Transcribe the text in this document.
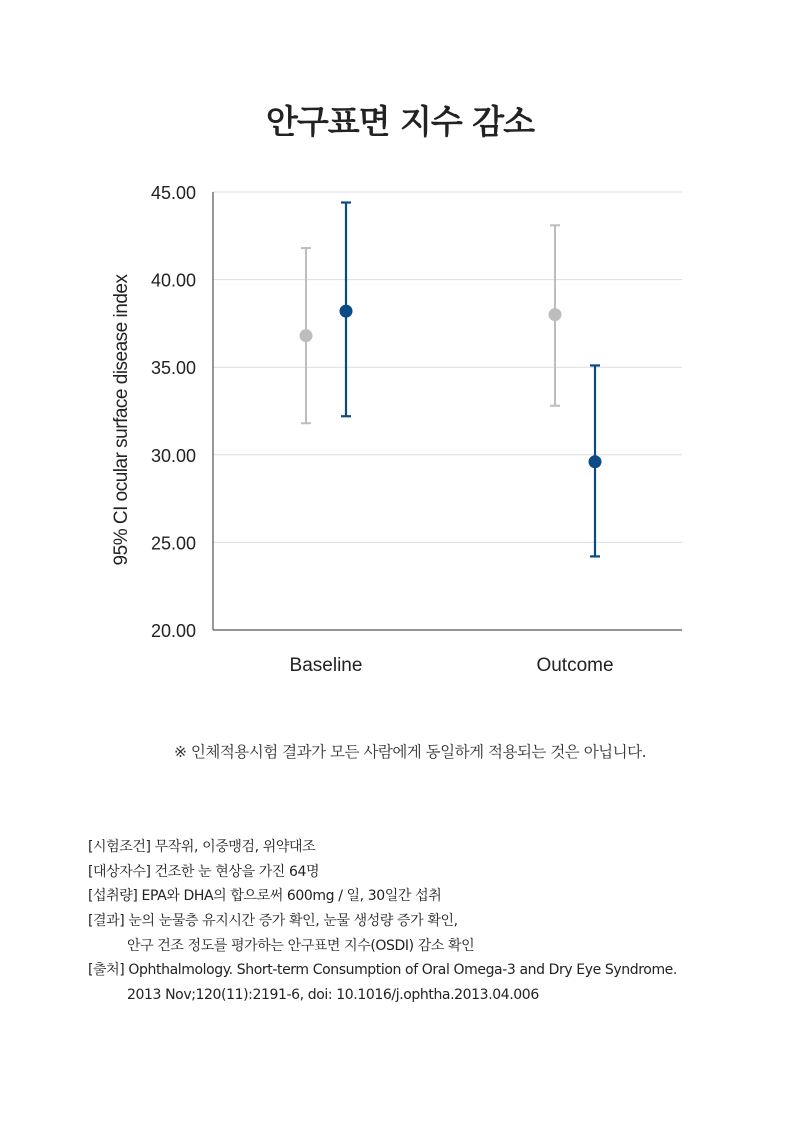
안구표면 지수 감소
20.00
25.00
30.00
35.00
40.00
45.00
Baseline	Outcome
95% CI ocular surface disease index
※ 인체적용시험 결과가 모든 사람에게 동일하게 적용되는 것은 아닙니다.
[시험조건] 무작위, 이중맹검, 위약대조
[대상자수] 건조한 눈 현상을 가진 64명
[섭취량] EPA와 DHA의 합으로써 600mg / 일, 30일간 섭취
[결과] 눈의 눈물층 유지시간 증가 확인, 눈물 생성량 증가 확인,
안구 건조 정도를 평가하는 안구표면 지수(OSDI) 감소 확인
[출처] Ophthalmology. Short-term Consumption of Oral Omega-3 and Dry Eye Syndrome.
2013 Nov;120(11):2191-6, doi: 10.1016/j.ophtha.2013.04.006
